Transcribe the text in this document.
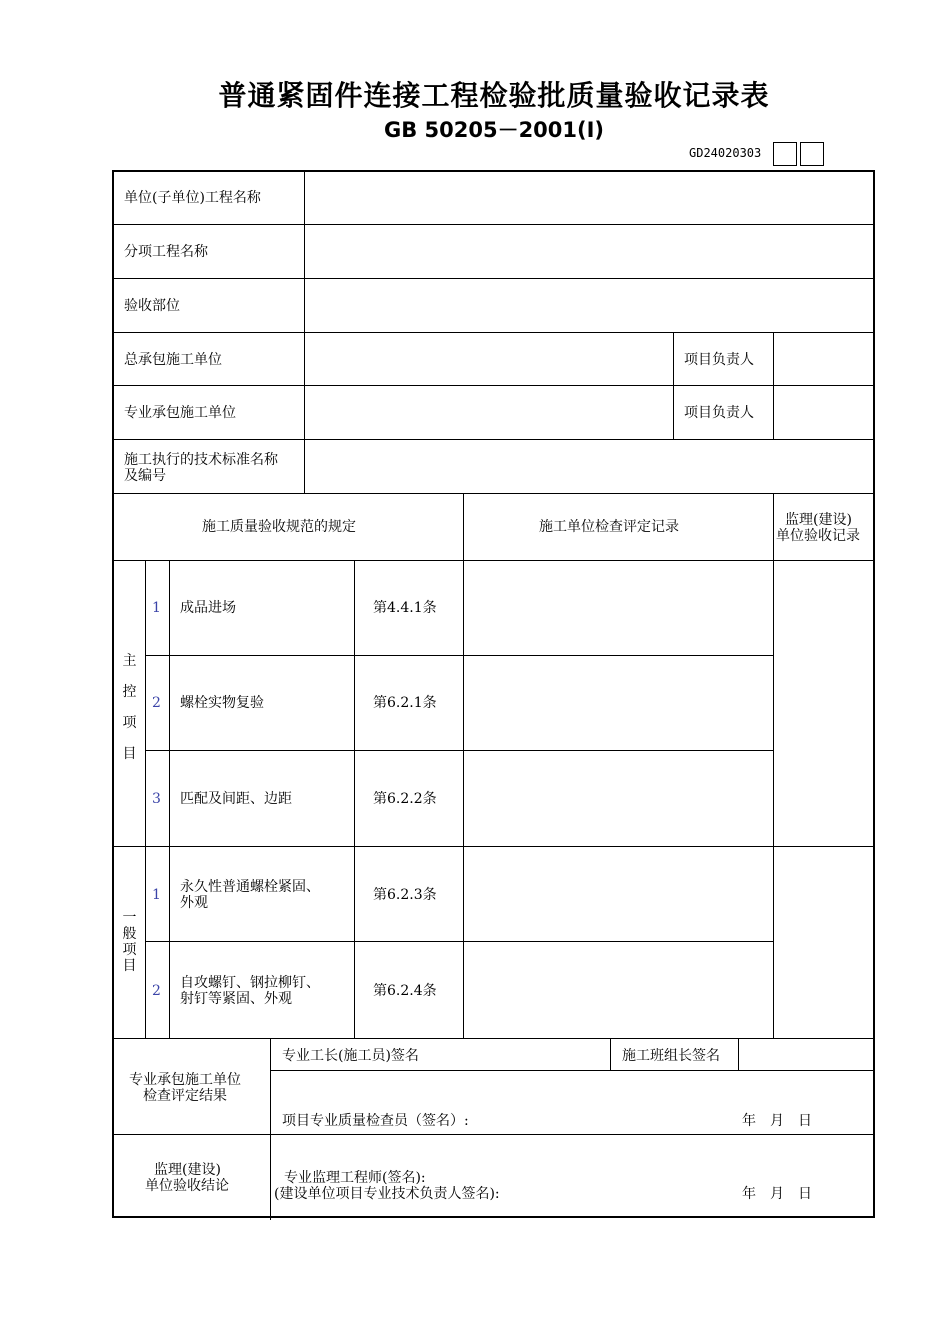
普通紧固件连接工程检验批质量验收记录表
GB 50205－2001(Ⅰ)
GD24020303
单位(子单位)工程名称
分项工程名称
验收部位
总承包施工单位	项目负责人
专业承包施工单位	项目负责人
施工执行的技术标准名称
及编号
施工质量验收规范的规定	施工单位检查评定记录	监理(建设)
单位验收记录
主
控
项
目
1 成品进场	第4.4.1条
2 螺栓实物复验	第6.2.1条
3 匹配及间距、边距	第6.2.2条
一
般
项
目
1 永久性普通螺栓紧固、
外观	第6.2.3条
2 自攻螺钉、钢拉柳钉、
射钉等紧固、外观	第6.2.4条
专业承包施工单位
检查评定结果
专业工长(施工员)签名	施工班组长签名
项目专业质量检查员（签名）:	年　月　日
监理(建设)
单位验收结论	专业监理工程师(签名):
(建设单位项目专业技术负责人签名):	年　月　日
